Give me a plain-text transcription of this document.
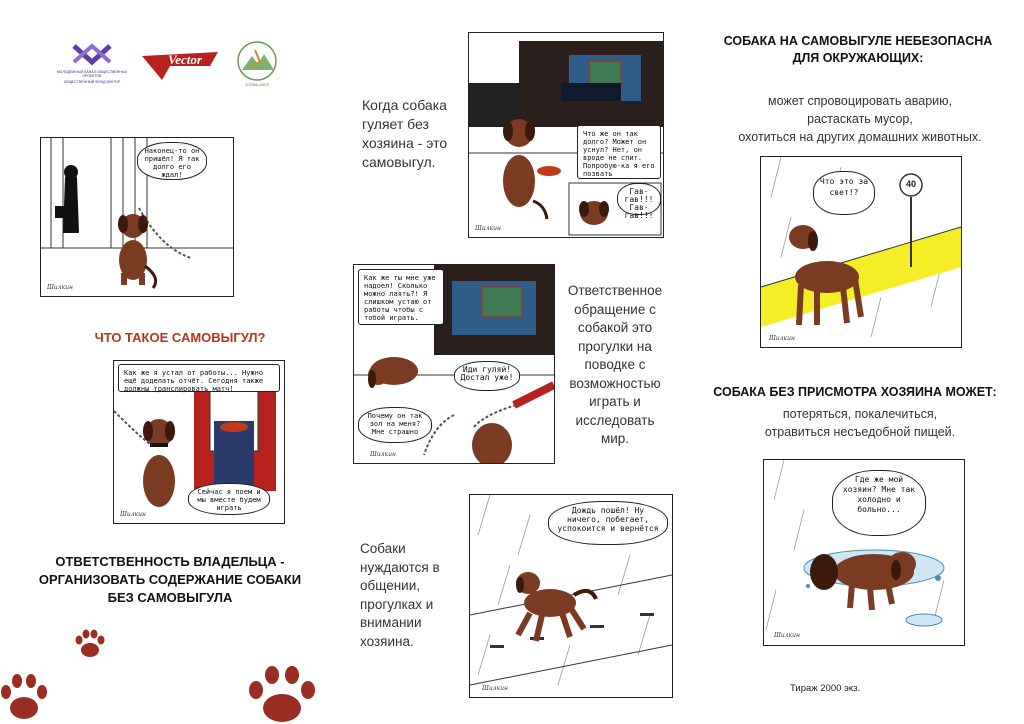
МОЛОДЁЖНЫЙ КАНАЛ ОБЩЕСТВЕННЫХ ПРОЕКТОВ
ОБЩЕСТВЕННЫЙ ФОНД ВЕКТОР
Vector
ZOOBALANCE
Наконец-то он пришёл! Я так долго его ждал!
Шилкин
ЧТО ТАКОЕ САМОВЫГУЛ?
Как же я устал от работы... Нужно ещё доделать отчёт. Сегодня также должны транслировать матч!
Сейчас я поем и мы вместе будем играть
Шилкин
ОТВЕТСТВЕННОСТЬ ВЛАДЕЛЬЦА -
ОРГАНИЗОВАТЬ СОДЕРЖАНИЕ СОБАКИ
БЕЗ САМОВЫГУЛА
Что же он так долго? Может он уснул? Нет, он вроде не спит. Попробую-ка я его позвать
Гав-гав!!! Гав-гав!!!
Шилкин
Когда собака гуляет без хозяина - это самовыгул.
Как же ты мне уже надоел! Сколько можно лаять?! Я слишком устаю от работы чтобы с тобой играть.
Иди гуляй! Достал уже!
Почему он так зол на меня? Мне страшно
Шилкин
Ответственное обращение с собакой это прогулки на поводке с возможностью играть и исследовать мир.
Дождь пошёл! Ну ничего, побегает, успокоится и вернётся
Шилкин
Собаки нуждаются в общении, прогулках и внимании хозяина.
СОБАКА НА САМОВЫГУЛЕ НЕБЕЗОПАСНА ДЛЯ ОКРУЖАЮЩИХ:
может спровоцировать аварию,
растаскать мусор,
охотиться на других домашних животных.
Что это за свет!?
40
Шилкин
СОБАКА БЕЗ ПРИСМОТРА ХОЗЯИНА МОЖЕТ:
потеряться, покалечиться,
отравиться несъедобной пищей.
Где же мой хозяин? Мне так холодно и больно...
Шилкин
Тираж 2000 экз.
